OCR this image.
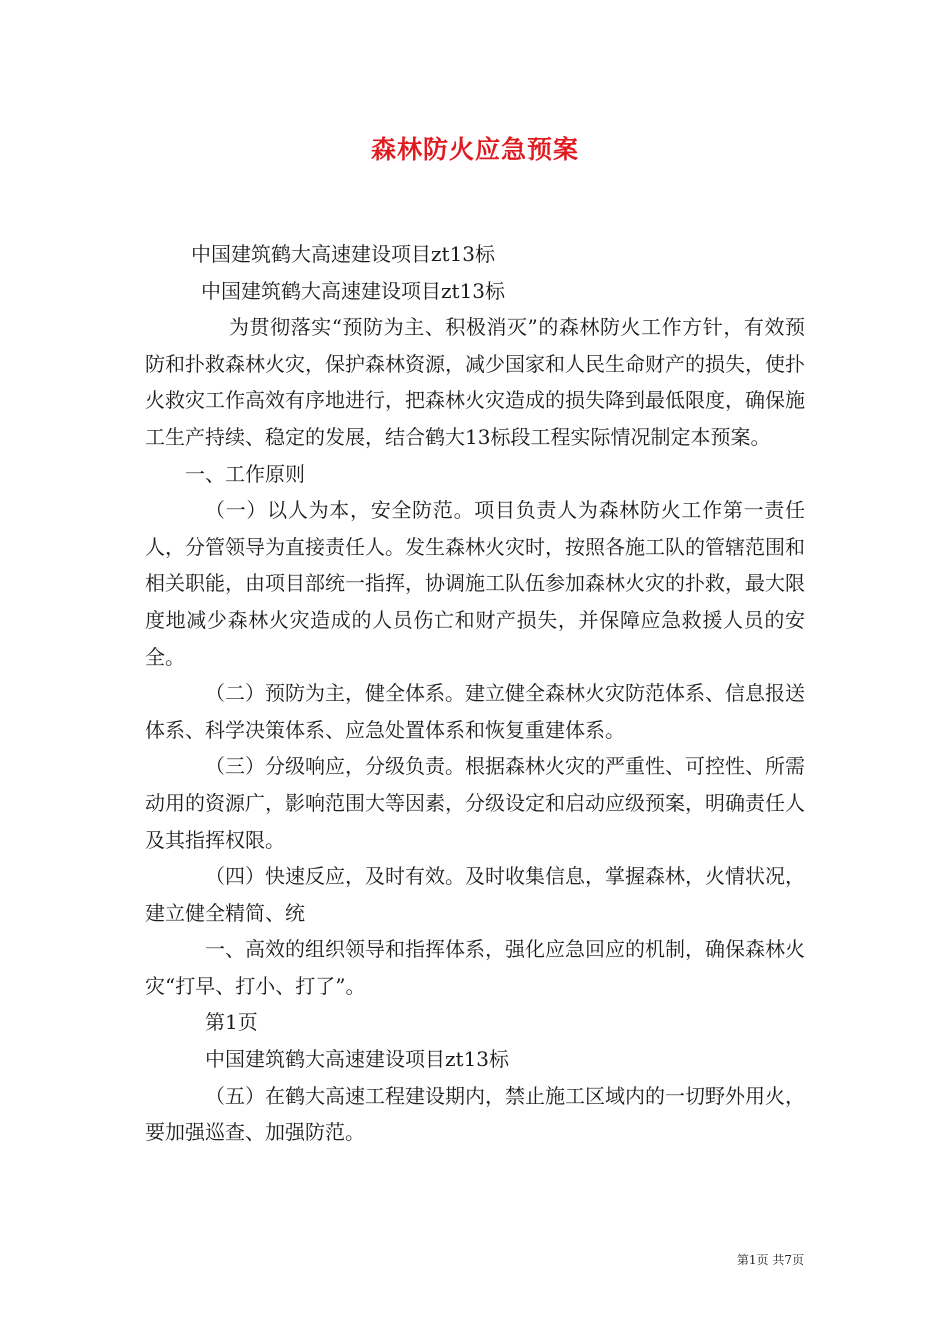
森林防火应急预案

中国建筑鹤大高速建设项目zt13标

中国建筑鹤大高速建设项目zt13标

为贯彻落实“预防为主、积极消灭”的森林防火工作方针，有效预防和扑救森林火灾，保护森林资源，减少国家和人民生命财产的损失，使扑火救灾工作高效有序地进行，把森林火灾造成的损失降到最低限度，确保施工生产持续、稳定的发展，结合鹤大13标段工程实际情况制定本预案。

一、工作原则

（一）以人为本，安全防范。项目负责人为森林防火工作第一责任人，分管领导为直接责任人。发生森林火灾时，按照各施工队的管辖范围和相关职能，由项目部统一指挥，协调施工队伍参加森林火灾的扑救，最大限度地减少森林火灾造成的人员伤亡和财产损失，并保障应急救援人员的安全。

（二）预防为主，健全体系。建立健全森林火灾防范体系、信息报送体系、科学决策体系、应急处置体系和恢复重建体系。

（三）分级响应，分级负责。根据森林火灾的严重性、可控性、所需动用的资源广，影响范围大等因素，分级设定和启动应级预案，明确责任人及其指挥权限。

（四）快速反应，及时有效。及时收集信息，掌握森林，火情状况，建立健全精简、统

一、高效的组织领导和指挥体系，强化应急回应的机制，确保森林火灾“打早、打小、打了”。

第1页

中国建筑鹤大高速建设项目zt13标

（五）在鹤大高速工程建设期内，禁止施工区域内的一切野外用火，要加强巡查、加强防范。

第1页 共7页
